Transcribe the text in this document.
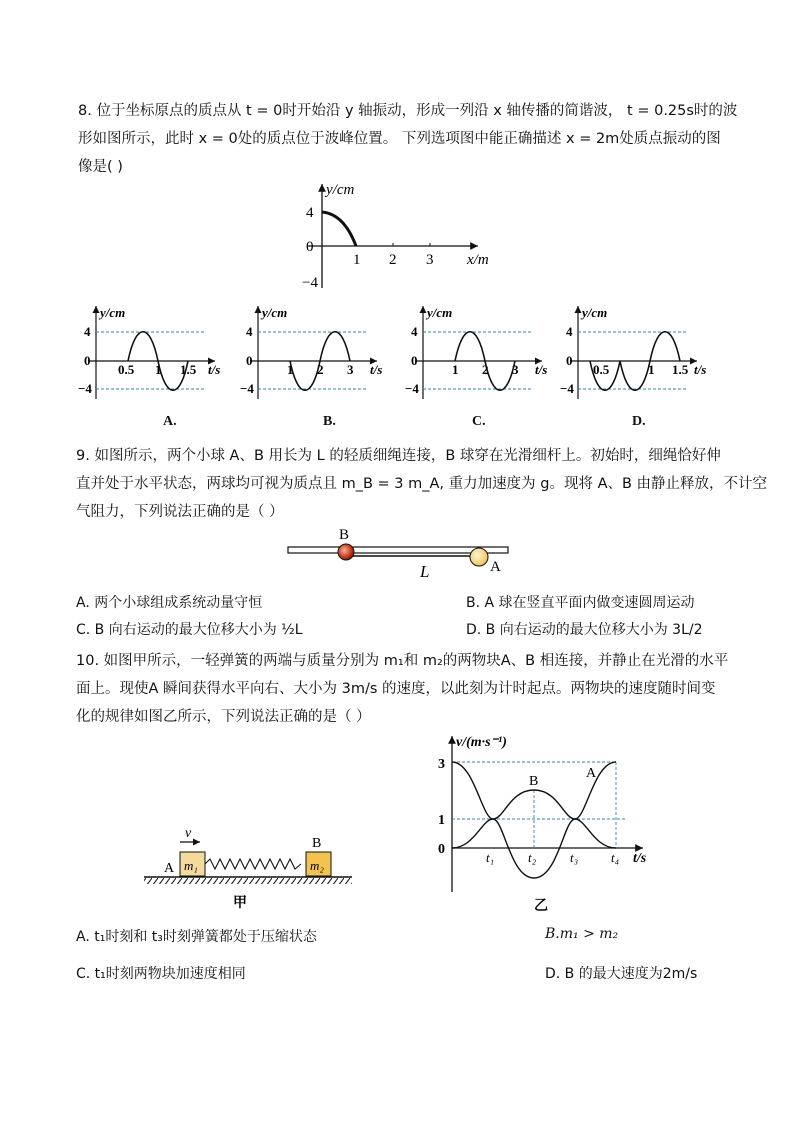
8. 位于坐标原点的质点从 t = 0时开始沿 y 轴振动，形成一列沿 x 轴传播的简谐波， t = 0.25s时的波
形如图所示，此时 x = 0处的质点位于波峰位置。 下列选项图中能正确描述 x = 2m处质点振动的图
像是( )
y/cm
4
0
−4
1 2 3 x/m
y/cm
4
0
−4
0.5 1 1.5 t/s
A.
y/cm
4
0
−4
1 2 3 t/s
B.
y/cm
4
0
−4
1 2 3 t/s
C.
y/cm
4
0
−4
0.5	1 1.5 t/s
D.
9. 如图所示，两个小球 A、B 用长为 L 的轻质细绳连接，B 球穿在光滑细杆上。初始时，细绳恰好伸
直并处于水平状态，两球均可视为质点且 m_B = 3 m_A, 重力加速度为 g。现将 A、B 由静止释放，不计空
气阻力，下列说法正确的是（ ）
B
A
L
A. 两个小球组成系统动量守恒	B. A 球在竖直平面内做变速圆周运动
C. B 向右运动的最大位移大小为 ½L	D. B 向右运动的最大位移大小为 3L/2
10. 如图甲所示，一轻弹簧的两端与质量分别为 m₁和 m₂的两物块A、B 相连接，并静止在光滑的水平
面上。现使A 瞬间获得水平向右、大小为 3m/s 的速度，以此刻为计时起点。两物块的速度随时间变
化的规律如图乙所示，下列说法正确的是（ ）
v
A
B
m₁	m₂
甲
v/(m·s⁻¹)
3
1
0
t₁	t₂	t₃	t₄ t/s
B
A
乙
A. t₁时刻和 t₃时刻弹簧都处于压缩状态	B.m₁ > m₂
C. t₁时刻两物块加速度相同	D. B 的最大速度为2m/s
